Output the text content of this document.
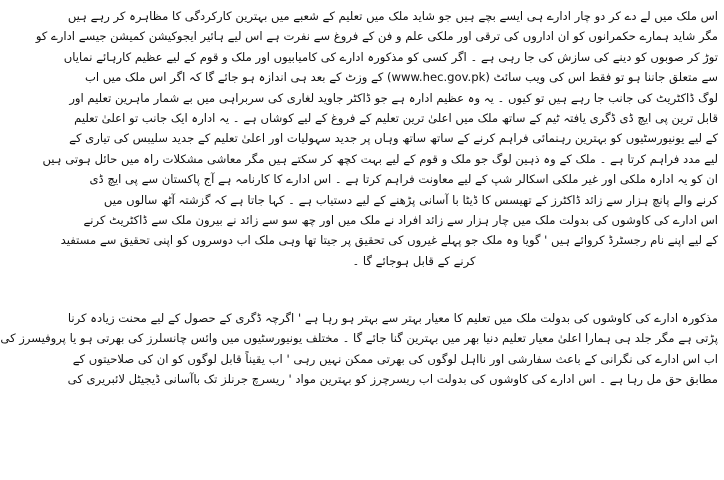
اس ملک میں لے دے کر دو چار ادارے ہی ایسے بچے ہیں جو شاید ملک میں تعلیم کے شعبے میں بہترین کارکردگی کا مظاہرہ کر رہے ہیں
مگر شاید ہمارے حکمرانوں کو ان اداروں کی ترقی اور ملکی علم و فن کے فروغ سے نفرت ہے اس لیے ہائیر ایجوکیشن کمیشن جیسے ادارے کو
توڑ کر صوبوں کو دینے کی سازش کی جا رہی ہے ۔ اگر کسی کو مذکورہ ادارے کی کامیابیوں اور ملک و قوم کے لیے عظیم کارہائے نمایاں
سے متعلق جاننا ہو تو فقط اس کی ویب سائٹ (www.hec.gov.pk) کے وزٹ کے بعد ہی اندازہ ہو جائے گا کہ اگر اس ملک میں اب
لوگ ڈاکٹریٹ کی جانب جا رہے ہیں تو کیوں ۔ یہ وہ عظیم ادارہ ہے جو ڈاکٹر جاوید لغاری کی سربراہی میں بے شمار ماہرین تعلیم اور
قابل ترین پی ایچ ڈی ڈگری یافتہ ٹیم کے ساتھ ملک میں اعلیٰ ترین تعلیم کے فروغ کے لیے کوشاں ہے ۔ یہ ادارہ ایک جانب تو اعلیٰ تعلیم
کے لیے یونیورسٹیوں کو بہترین رہنمائی فراہم کرنے کے ساتھ ساتھ وہاں پر جدید سہولیات اور اعلیٰ تعلیم کے جدید سلیبس کی تیاری کے
لیے مدد فراہم کرتا ہے ۔ ملک کے وہ ذہین لوگ جو ملک و قوم کے لیے بہت کچھ کر سکتے ہیں مگر معاشی مشکلات راہ میں حائل ہوتی ہیں
ان کو یہ ادارہ ملکی اور غیر ملکی اسکالر شپ کے لیے معاونت فراہم کرتا ہے ۔ اس ادارے کا کارنامہ ہے آج پاکستان سے پی ایچ ڈی
کرنے والے پانچ ہزار سے زائد ڈاکٹرز کے تھیسس کا ڈیٹا با آسانی پڑھنے کے لیے دستیاب ہے ۔ کہا جاتا ہے کہ گزشتہ آٹھ سالوں میں
اس ادارے کی کاوشوں کی بدولت ملک میں چار ہزار سے زائد افراد نے ملک میں اور چھ سو سے زائد نے بیرون ملک سے ڈاکٹریٹ کرنے
کے لیے اپنے نام رجسٹرڈ کروائے ہیں ' گویا وہ ملک جو پہلے غیروں کی تحقیق پر جیتا تھا وہی ملک اب دوسروں کو اپنی تحقیق سے مستفید
کرنے کے قابل ہوجائے گا ۔
مذکورہ ادارے کی کاوشوں کی بدولت ملک میں تعلیم کا معیار بہتر سے بہتر ہو رہا ہے ' اگرچہ ڈگری کے حصول کے لیے محنت زیادہ کرنا
پڑتی ہے مگر جلد ہی ہمارا اعلیٰ معیار تعلیم دنیا بھر میں بہترین گنا جائے گا ۔ مختلف یونیورسٹیوں میں وائس چانسلرز کی بھرتی ہو یا پروفیسرز کی
اب اس ادارے کی نگرانی کے باعث سفارشی اور نااہل لوگوں کی بھرتی ممکن نہیں رہی ' اب یقیناً قابل لوگوں کو ان کی صلاحیتوں کے
مطابق حق مل رہا ہے ۔ اس ادارے کی کاوشوں کی بدولت اب ریسرچرز کو بہترین مواد ' ریسرچ جرنلز تک باآسانی ڈیجیٹل لائبریری کی
